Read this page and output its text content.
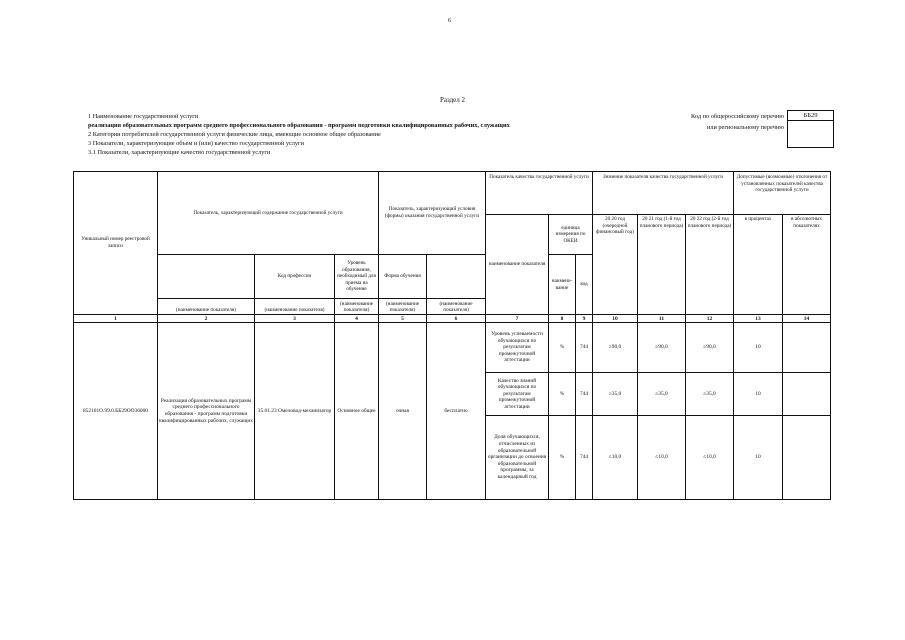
6
Раздел 2
1 Наименование государственной услуги
реализация образовательных программ среднего профессионального образования - программ подготовки квалифицированных рабочих, служащих
2 Категории потребителей государственной услуги физические лица, имеющие основное общее образование
3 Показатели, характеризующие объем и (или) качество государственной услуги
3.1 Показатели, характеризующие качество государственной услуги
Код по общероссийскому перечню или региональному перечню
ББ29
Уникальный номер реестровой записи	Показатель, характеризующий содержание государственной услуги			Показатель, характеризующий условия (формы) оказания государственной услуги		Показатель качества государственной услуги			Значение показателя качества государственной услуги			Допустимые (возможные) отклонения от установленных показателей качества государственной услуги	
						наименование показателя	единица измерения по ОКЕИ		20 20 год (очередной финансовый год)	20 21 год (1-й год планового периода)	20 22 год (2-й год планового периода)	в процентах	в абсолютных показателях
		Код профессии	Уровень образования, необходимый для приема на обучение	Форма обучения			наимено-вание	код					
	(наименование показателя)	(наименование показателя)	(наименование показателя)	(наименование показателя)	(наименование показателя)								
1	2	3	4	5	6	7	8	9	10	11	12	13	14
852101О.99.0.ББ29ОО36000	Реализация образовательных программ среднего профессионального образования - программ подготовки квалифицированных рабочих, служащих	35.01.23 Омеловод-механизатор	Основное общее	очная	бесплатно	Уровень успеваемости обучающихся по результатам промежуточной аттестации	%	744	≥90,0	≥90,0	≥90,0	10	
						Качество знаний обучающихся по результатам промежуточной аттестации	%	744	≥35,0	≥35,0	≥35,0	10	
						Доля обучающихся, отчисленных из образовательной организации до освоения образовательной программы, за календарный год	%	744	≤10,0	≤10,0	≤10,0	10	
